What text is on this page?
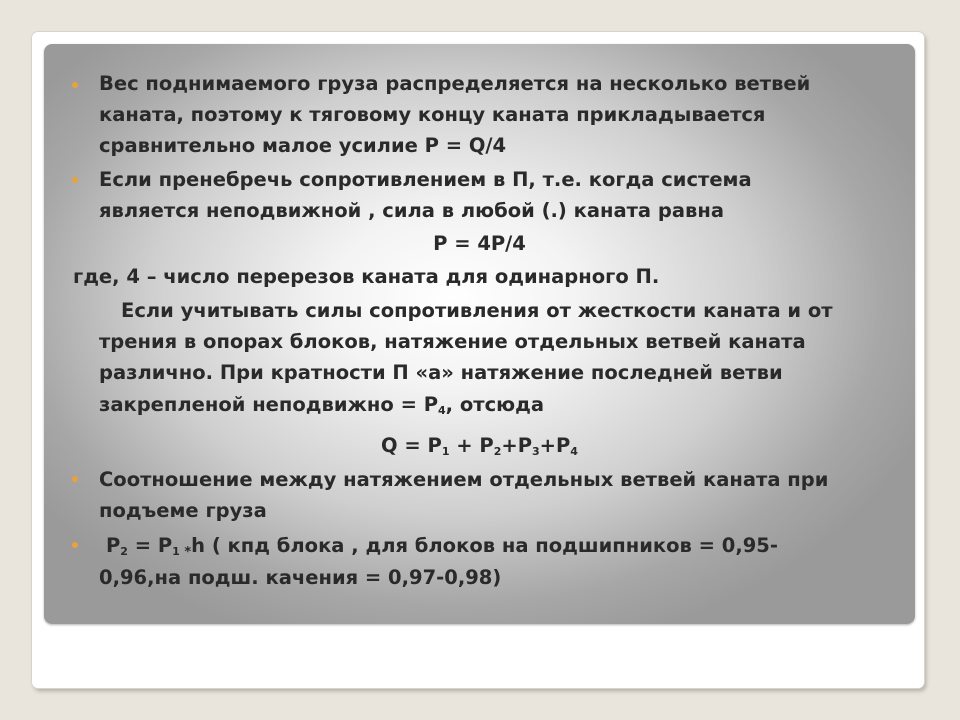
Вес поднимаемого груза распределяется на несколько ветвей
каната, поэтому к тяговому концу каната прикладывается
сравнительно малое усилие P = Q/4
Если пренебречь сопротивлением в П, т.е. когда система
является неподвижной , сила в любой (.) каната равна
P = 4P/4
где, 4 – число перерезов каната для одинарного П.
Если учитывать силы сопротивления от жесткости каната и от
трения в опорах блоков, натяжение отдельных ветвей каната
различно. При кратности П «а» натяжение последней ветви
закрепленой неподвижно = $P_4$, отсюда
$Q = P_1 + P_2+P_3+P_4$
Соотношение между натяжением отдельных ветвей каната при
подъеме груза
$P_2 = P_1$ $_*$h ( кпд блока , для блоков на подшипников = 0,95-
0,96,на подш. качения = 0,97-0,98)
